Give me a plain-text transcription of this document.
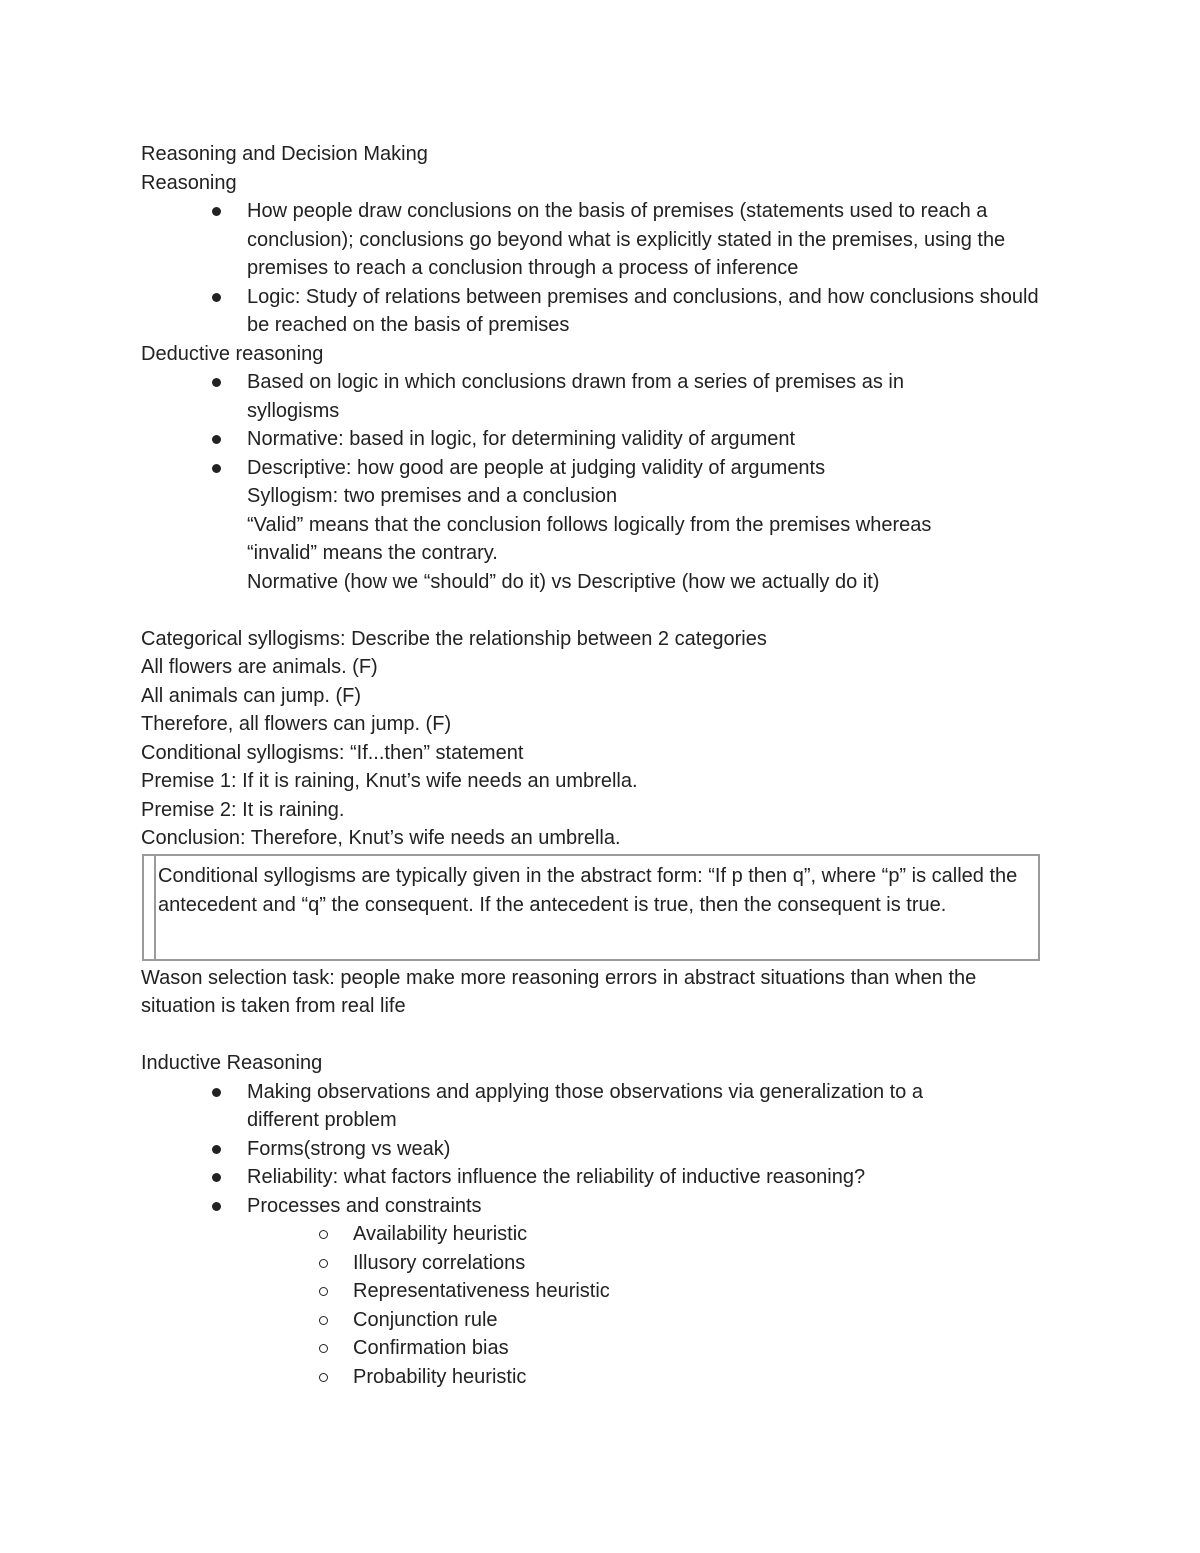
Reasoning and Decision Making
Reasoning
How people draw conclusions on the basis of premises (statements used to reach a conclusion); conclusions go beyond what is explicitly stated in the premises, using the premises to reach a conclusion through a process of inference
Logic: Study of relations between premises and conclusions, and how conclusions should be reached on the basis of premises
Deductive reasoning
Based on logic in which conclusions drawn from a series of premises as in syllogisms
Normative: based in logic, for determining validity of argument
Descriptive: how good are people at judging validity of arguments
Syllogism: two premises and a conclusion
“Valid” means that the conclusion follows logically from the premises whereas “invalid” means the contrary.
Normative (how we “should” do it) vs Descriptive (how we actually do it)
Categorical syllogisms: Describe the relationship between 2 categories
All flowers are animals. (F)
All animals can jump. (F)
Therefore, all flowers can jump. (F)
Conditional syllogisms: “If...then” statement
Premise 1: If it is raining, Knut’s wife needs an umbrella.
Premise 2: It is raining.
Conclusion: Therefore, Knut’s wife needs an umbrella.
Conditional syllogisms are typically given in the abstract form: “If p then q”, where “p” is called the antecedent and “q” the consequent. If the antecedent is true, then the consequent is true.
Wason selection task: people make more reasoning errors in abstract situations than when the situation is taken from real life
Inductive Reasoning
Making observations and applying those observations via generalization to a different problem
Forms(strong vs weak)
Reliability: what factors influence the reliability of inductive reasoning?
Processes and constraints
Availability heuristic
Illusory correlations
Representativeness heuristic
Conjunction rule
Confirmation bias
Probability heuristic
